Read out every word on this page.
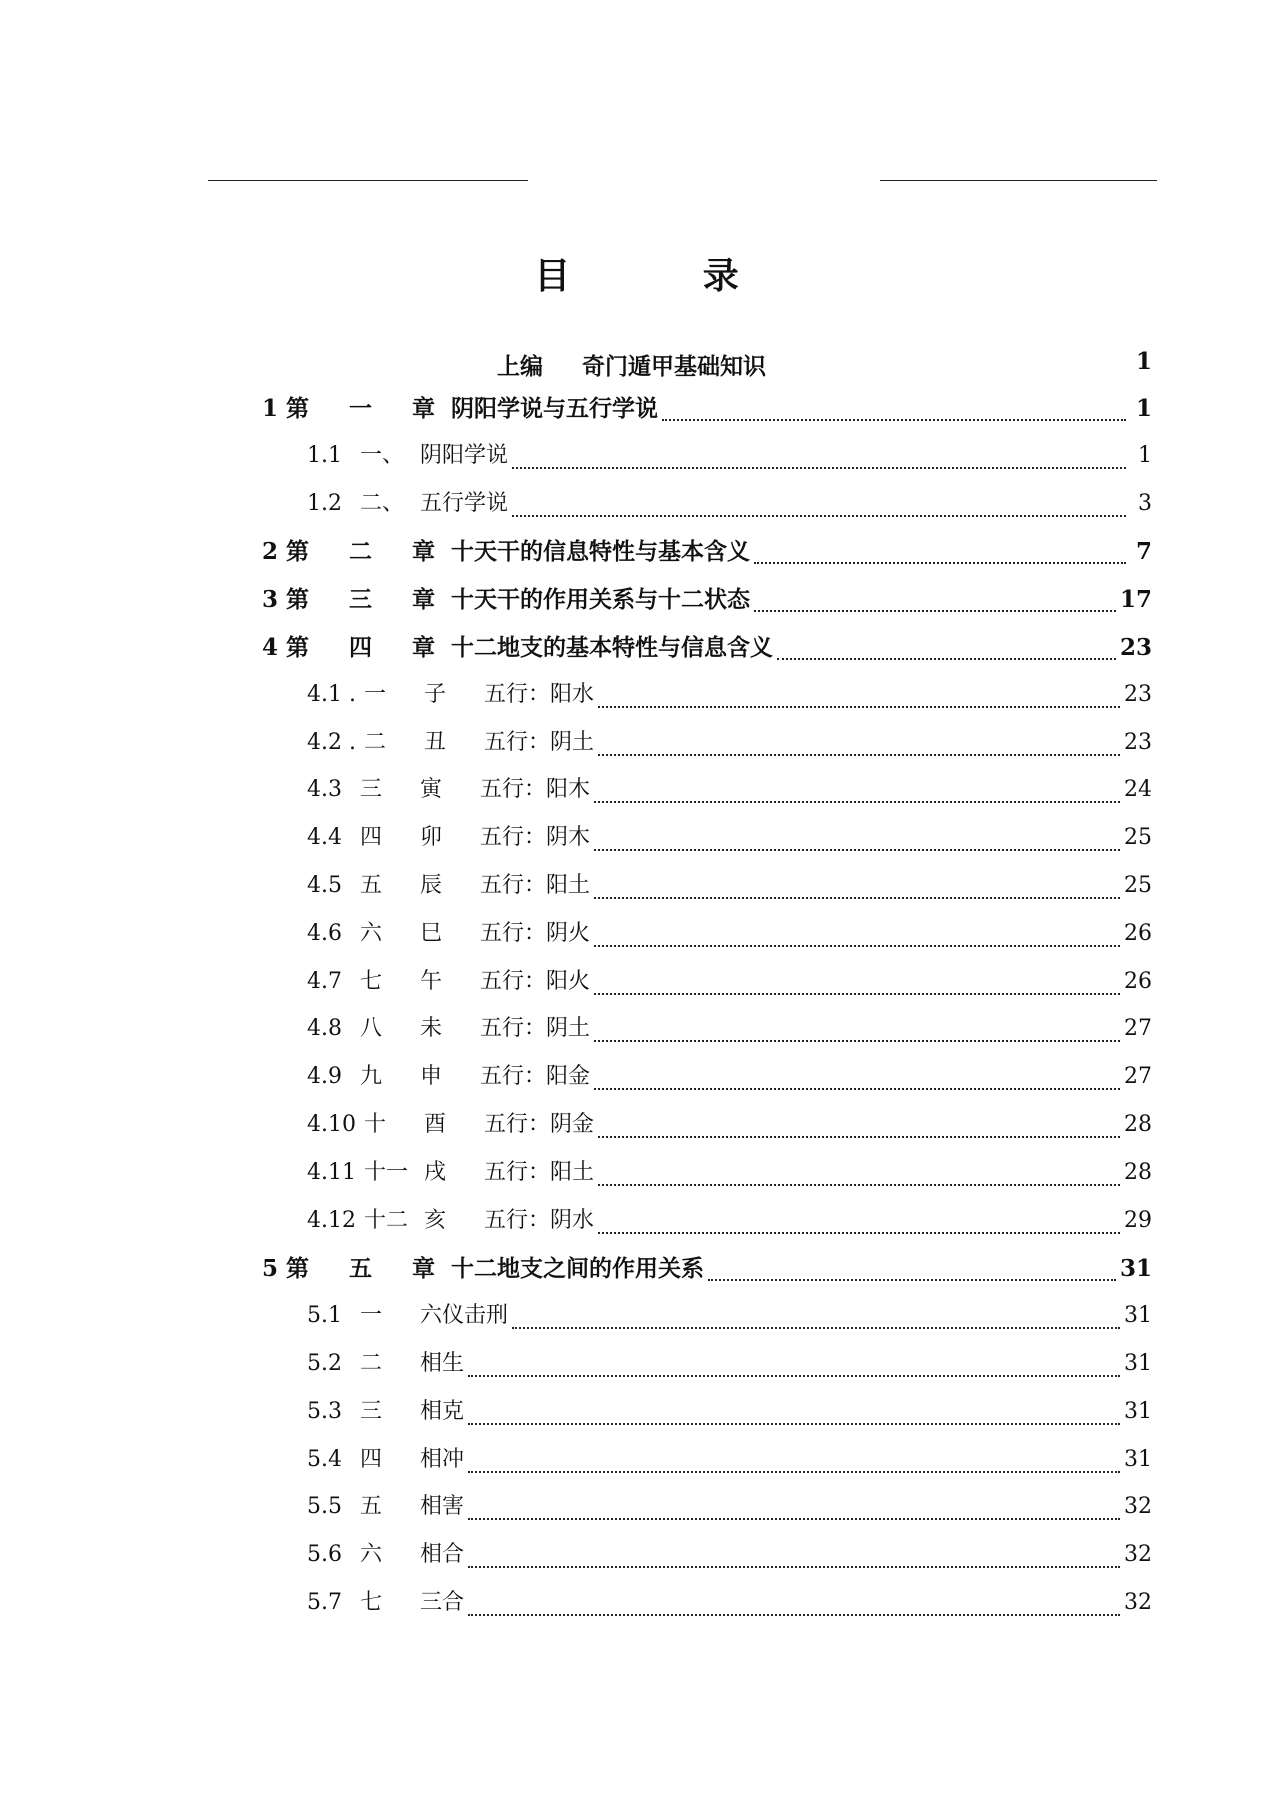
目 录
上编 奇门遁甲基础知识	1
1 第 一 章 阴阳学说与五行学说	1
1.1 一、 阴阳学说	1
1.2 二、 五行学说	3
2 第 二 章 十天干的信息特性与基本含义	7
3 第 三 章 十天干的作用关系与十二状态	17
4 第 四 章 十二地支的基本特性与信息含义	23
4.1 . 一	子	五行：阳水	23
4.2 . 二	丑	五行：阴土	23
4.3 三	寅	五行：阳木	24
4.4 四	卯	五行：阴木	25
4.5 五	辰	五行：阳土	25
4.6 六	巳	五行：阴火	26
4.7 七	午	五行：阳火	26
4.8 八	未	五行：阴土	27
4.9 九	申	五行：阳金	27
4.10 十	酉	五行：阴金	28
4.11 十一 戌	五行：阳土	28
4.12 十二 亥	五行：阴水	29
5 第 五 章 十二地支之间的作用关系	31
5.1 一	六仪击刑	31
5.2 二	相生	31
5.3 三	相克	31
5.4 四	相冲	31
5.5 五	相害	32
5.6 六	相合	32
5.7 七	三合	32
